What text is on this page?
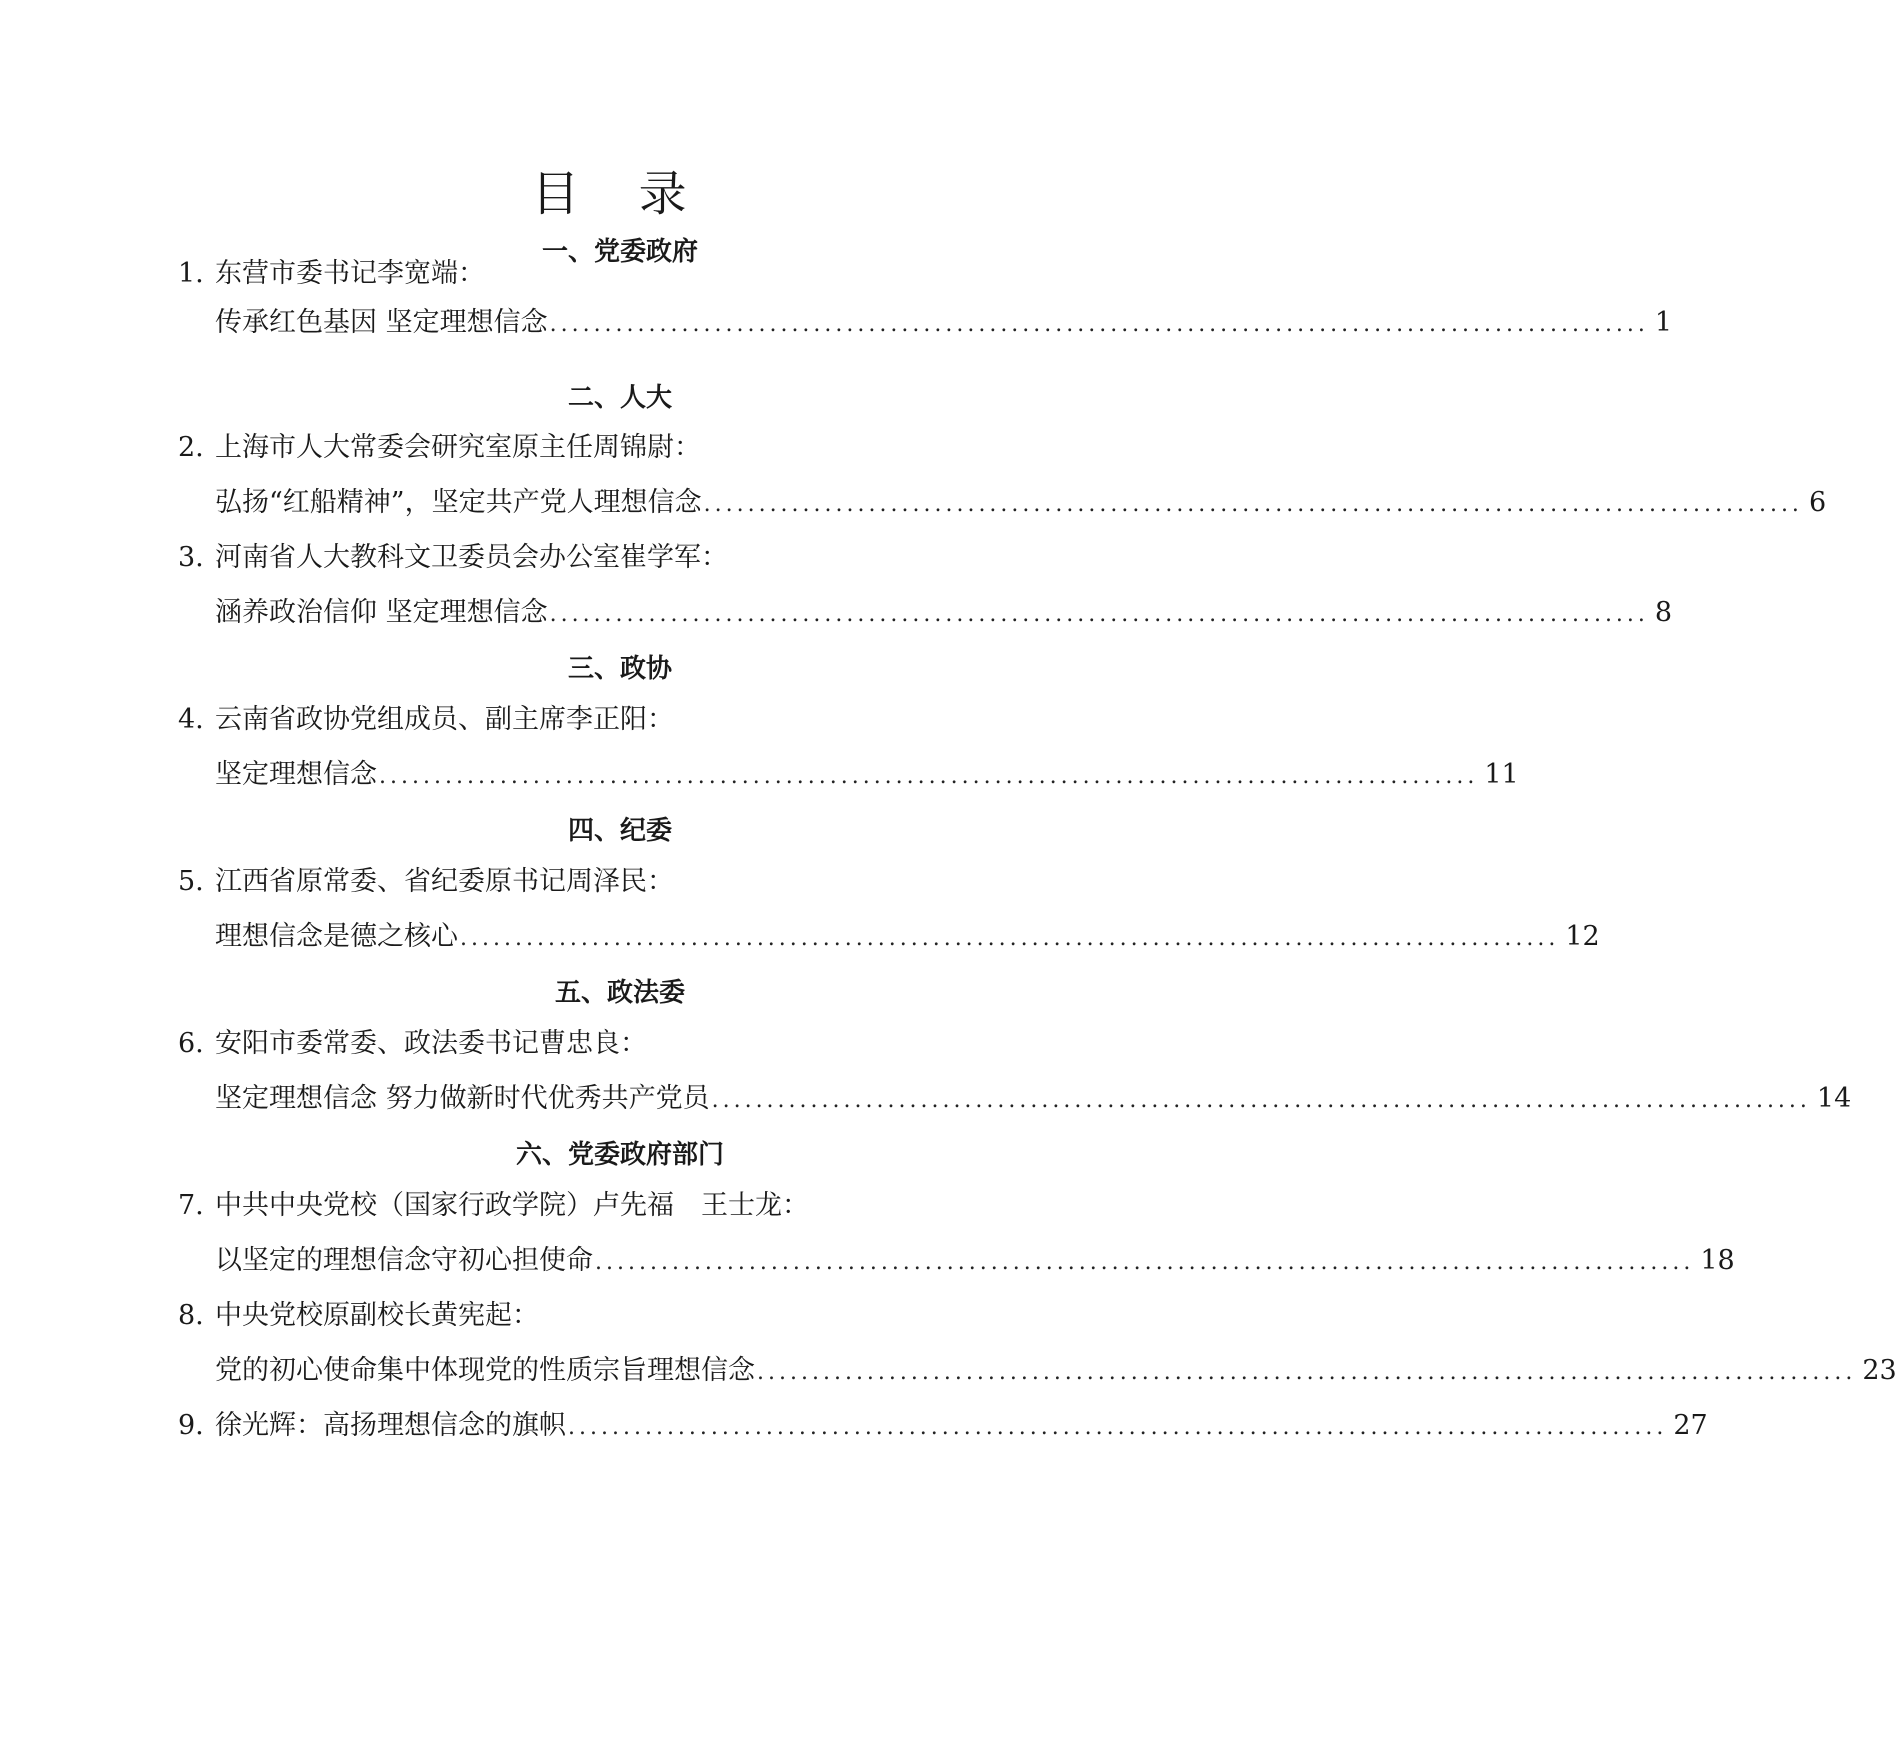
目 录
一、党委政府
1. 东营市委书记李宽端：
传承红色基因 坚定理想信念 .................................................................................................... 1
二、人大
2. 上海市人大常委会研究室原主任周锦尉：
弘扬“红船精神”，坚定共产党人理想信念 .................................................................................................... 6
3. 河南省人大教科文卫委员会办公室崔学军：
涵养政治信仰 坚定理想信念 .................................................................................................... 8
三、政协
4. 云南省政协党组成员、副主席李正阳：
坚定理想信念 .................................................................................................... 11
四、纪委
5. 江西省原常委、省纪委原书记周泽民：
理想信念是德之核心 .................................................................................................... 12
五、政法委
6. 安阳市委常委、政法委书记曹忠良：
坚定理想信念 努力做新时代优秀共产党员 .................................................................................................... 14
六、党委政府部门
7. 中共中央党校（国家行政学院）卢先福　王士龙：
以坚定的理想信念守初心担使命 .................................................................................................... 18
8. 中央党校原副校长黄宪起：
党的初心使命集中体现党的性质宗旨理想信念 .................................................................................................... 23
9. 徐光辉：高扬理想信念的旗帜 .................................................................................................... 27
